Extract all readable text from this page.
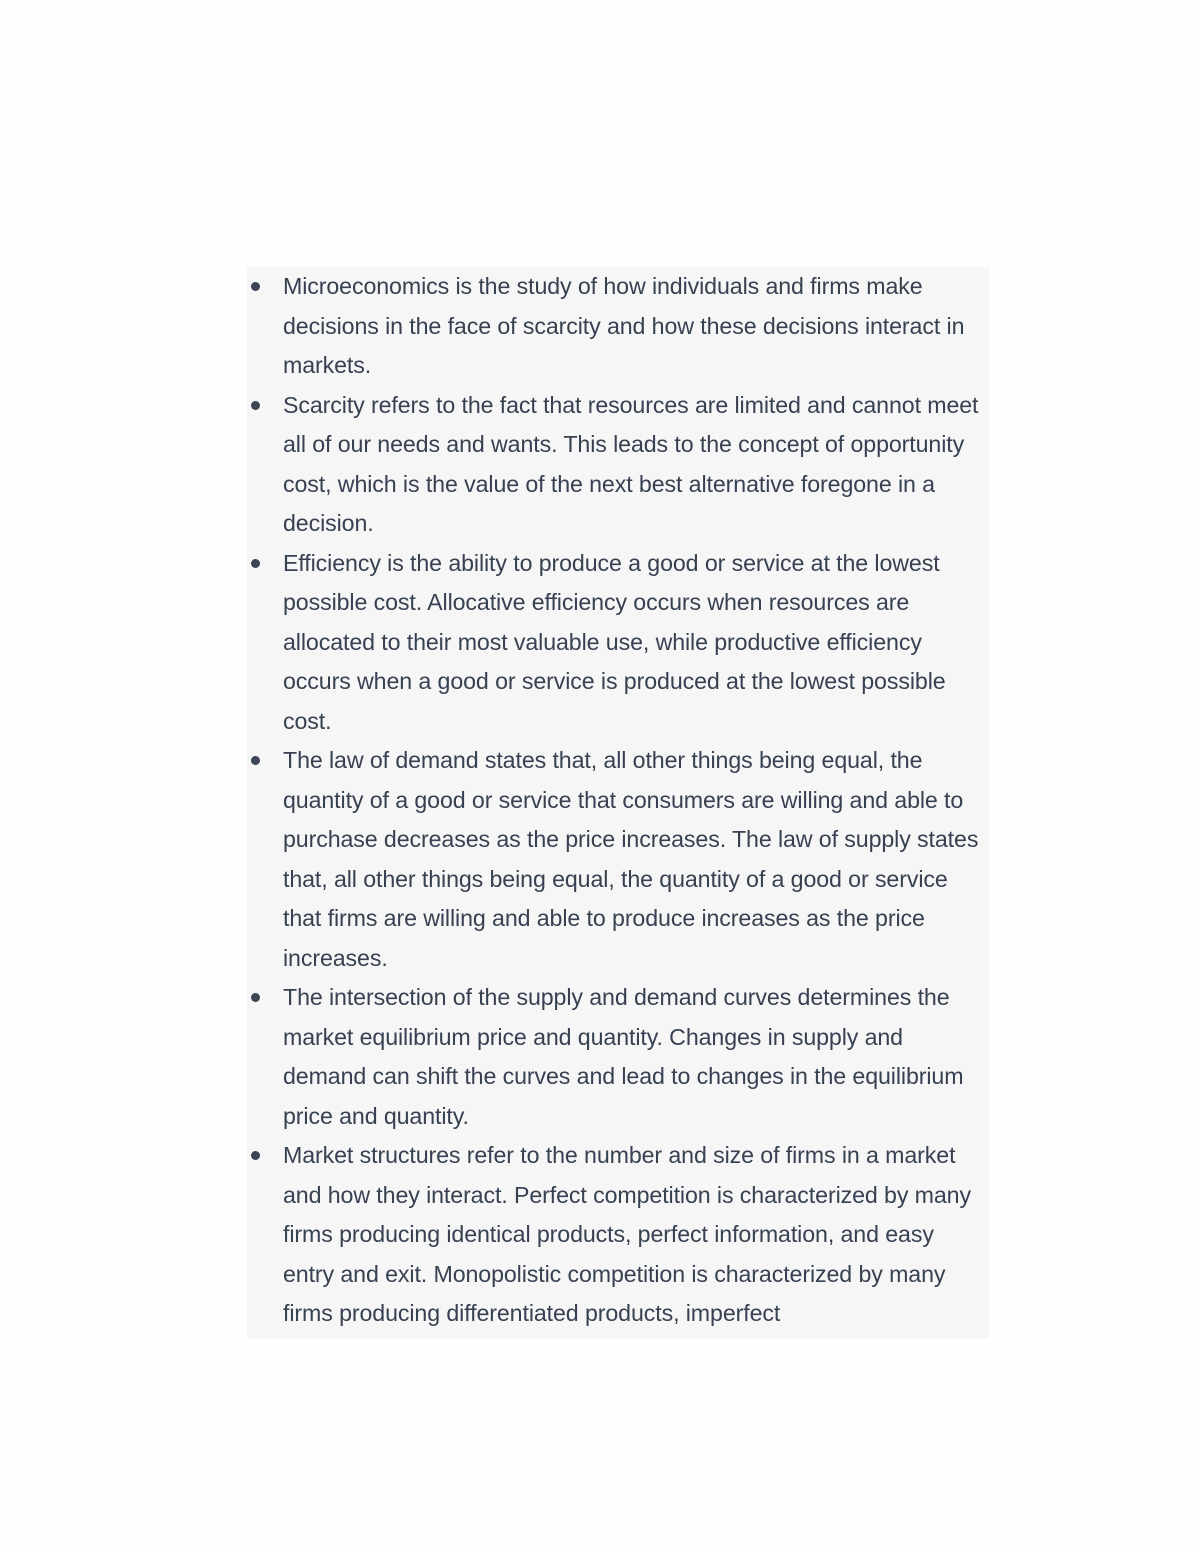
Microeconomics is the study of how individuals and firms make decisions in the face of scarcity and how these decisions interact in markets.
Scarcity refers to the fact that resources are limited and cannot meet all of our needs and wants. This leads to the concept of opportunity cost, which is the value of the next best alternative foregone in a decision.
Efficiency is the ability to produce a good or service at the lowest possible cost. Allocative efficiency occurs when resources are allocated to their most valuable use, while productive efficiency occurs when a good or service is produced at the lowest possible cost.
The law of demand states that, all other things being equal, the quantity of a good or service that consumers are willing and able to purchase decreases as the price increases. The law of supply states that, all other things being equal, the quantity of a good or service that firms are willing and able to produce increases as the price increases.
The intersection of the supply and demand curves determines the market equilibrium price and quantity. Changes in supply and demand can shift the curves and lead to changes in the equilibrium price and quantity.
Market structures refer to the number and size of firms in a market and how they interact. Perfect competition is characterized by many firms producing identical products, perfect information, and easy entry and exit. Monopolistic competition is characterized by many firms producing differentiated products, imperfect
